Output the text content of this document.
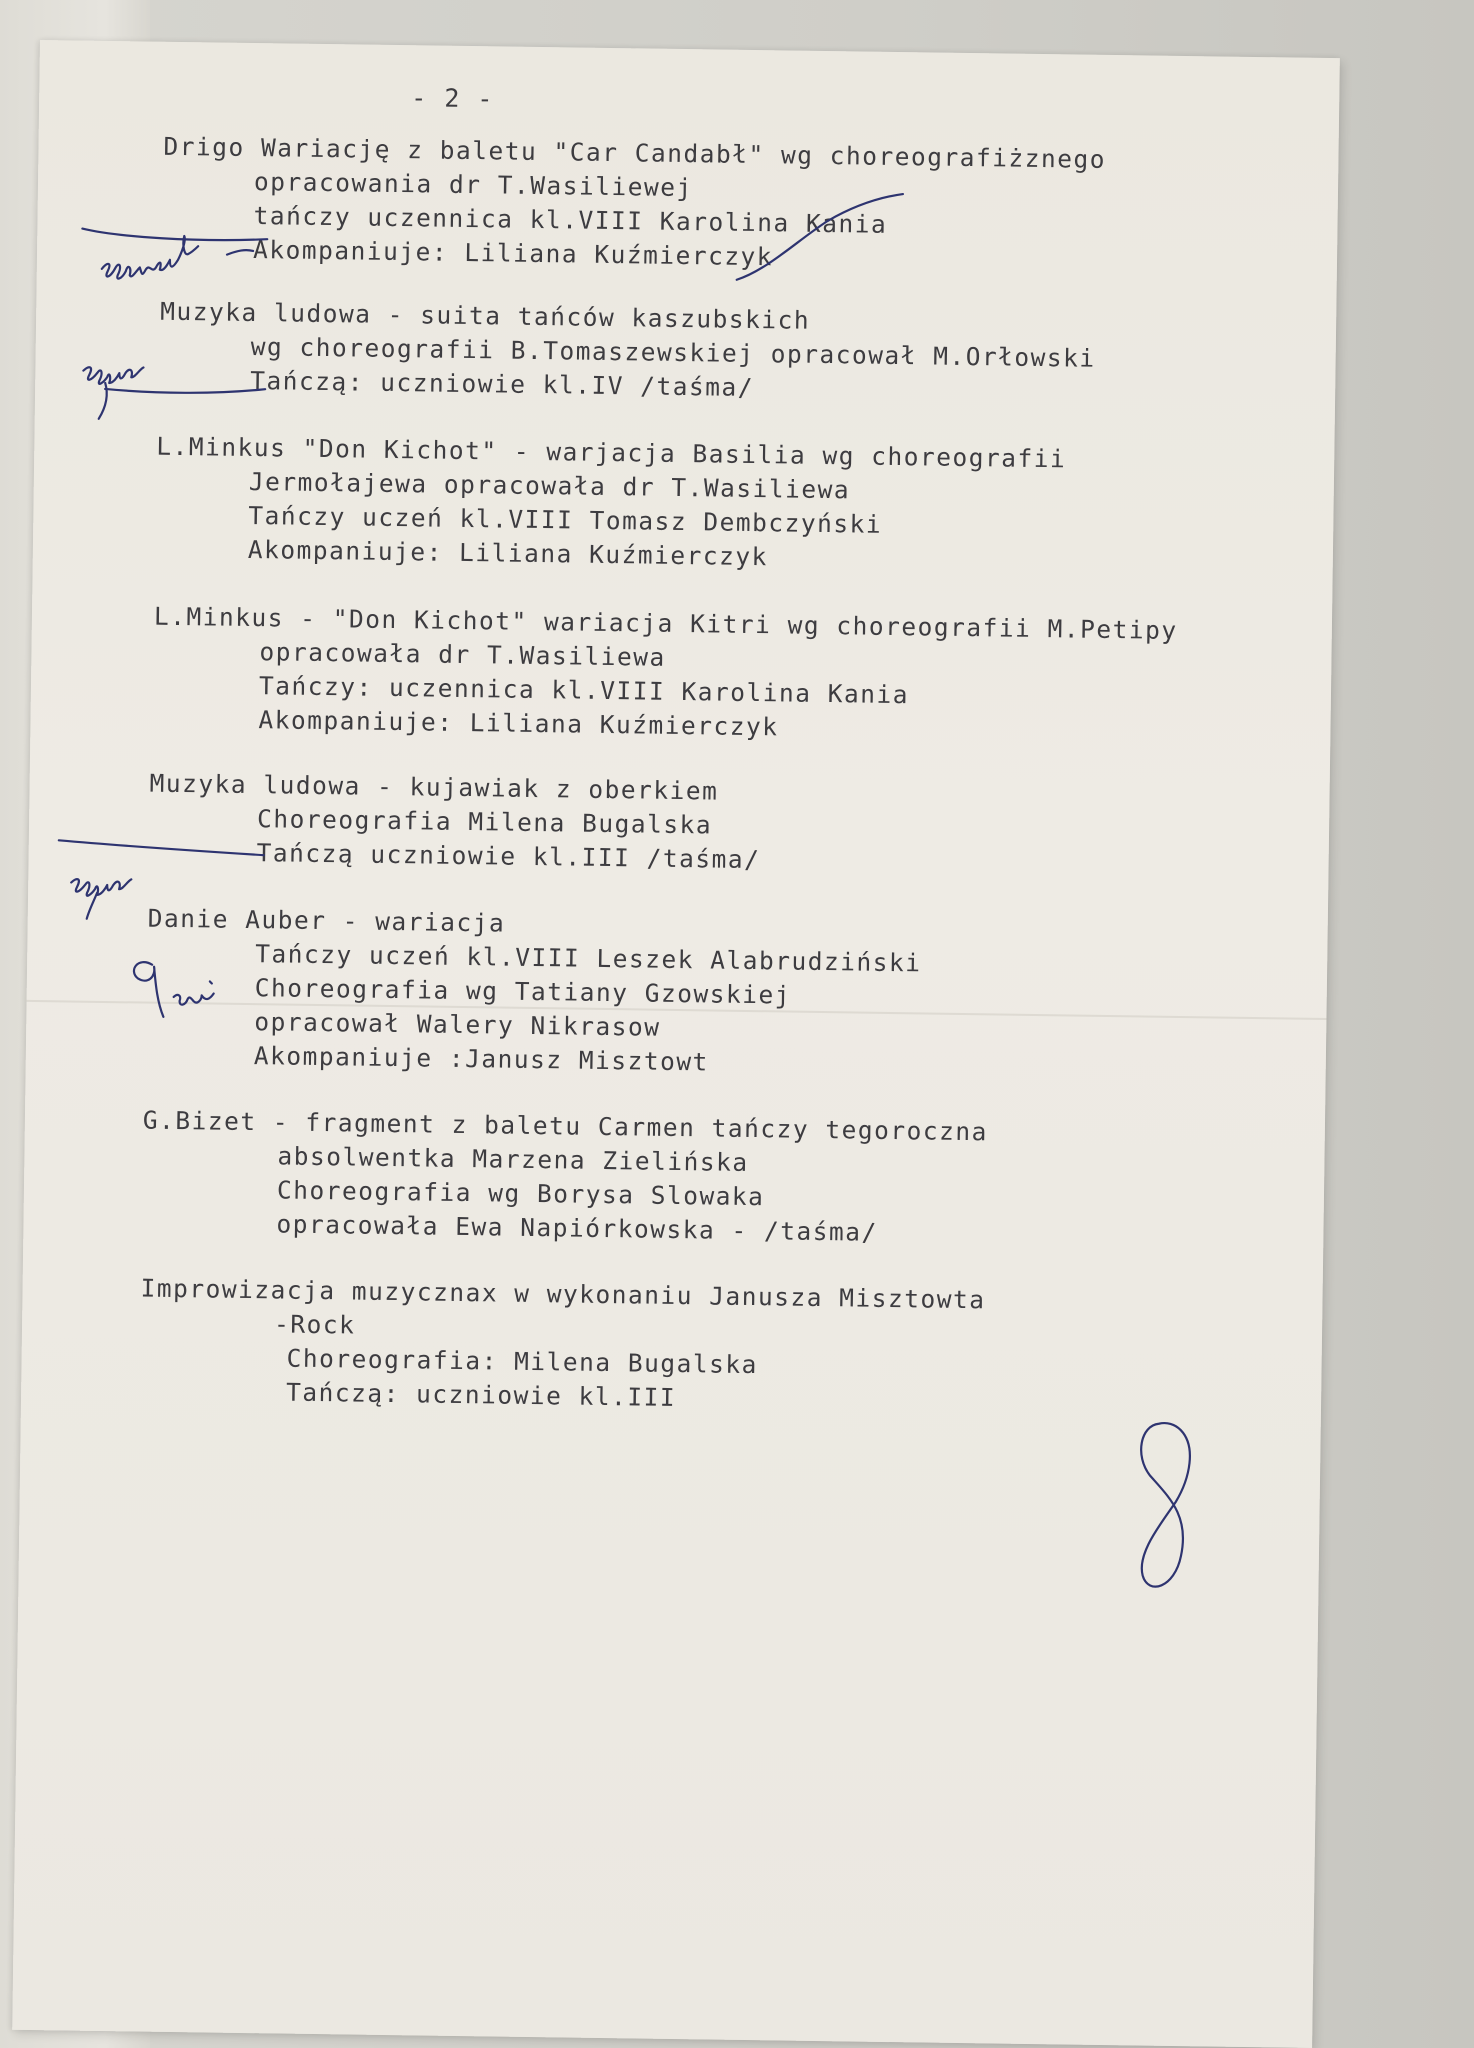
- 2 -
Drigo Wariację z baletu "Car Candabł" wg choreografiżznego
opracowania dr T.Wasiliewej
tańczy uczennica kl.VIII Karolina Kania
Akompaniuje: Liliana Kuźmierczyk
Muzyka ludowa - suita tańców kaszubskich
wg choreografii B.Tomaszewskiej opracował M.Orłowski
Tańczą: uczniowie kl.IV /taśma/
L.Minkus "Don Kichot" - warjacja Basilia wg choreografii
Jermołajewa opracowała dr T.Wasiliewa
Tańczy uczeń kl.VIII Tomasz Dembczyński
Akompaniuje: Liliana Kuźmierczyk
L.Minkus - "Don Kichot" wariacja Kitri wg choreografii M.Petipy
opracowała dr T.Wasiliewa
Tańczy: uczennica kl.VIII Karolina Kania
Akompaniuje: Liliana Kuźmierczyk
Muzyka ludowa - kujawiak z oberkiem
Choreografia Milena Bugalska
Tańczą uczniowie kl.III /taśma/
Danie Auber - wariacja
Tańczy uczeń kl.VIII Leszek Alabrudziński
Choreografia wg Tatiany Gzowskiej
opracował Walery Nikrasow
Akompaniuje :Janusz Misztowt
G.Bizet - fragment z baletu Carmen tańczy tegoroczna
absolwentka Marzena Zielińska
Choreografia wg Borysa Slowaka
opracowała Ewa Napiórkowska - /taśma/
Improwizacja muzycznax w wykonaniu Janusza Misztowta
-Rock
Choreografia: Milena Bugalska
Tańczą: uczniowie kl.III
